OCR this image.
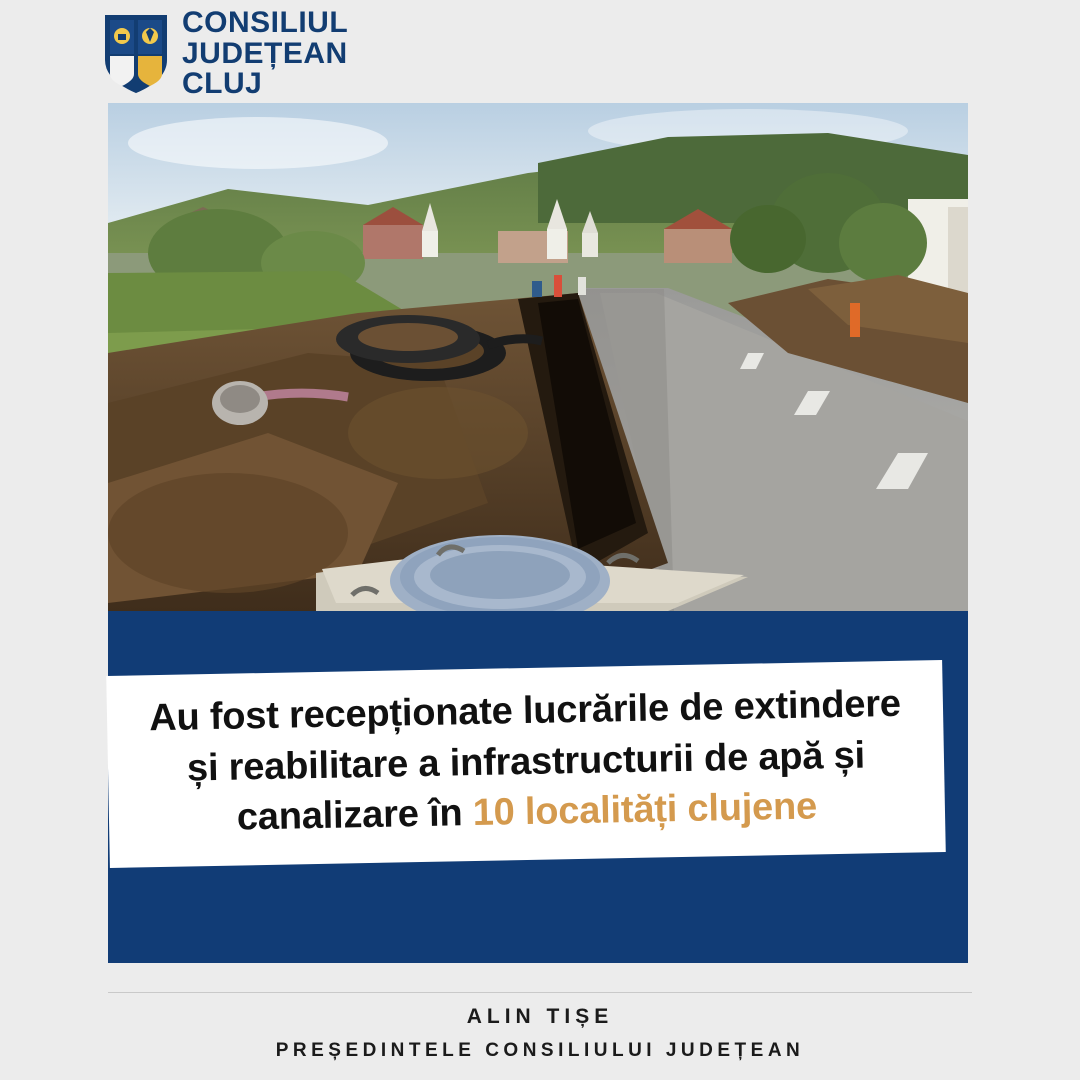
CONSILIUL
JUDEȚEAN
CLUJ
Au fost recepționate lucrările de extindere și reabilitare a infrastructurii de apă și canalizare în 10 localități clujene
ALIN TIȘE
PREȘEDINTELE CONSILIULUI JUDEȚEAN
